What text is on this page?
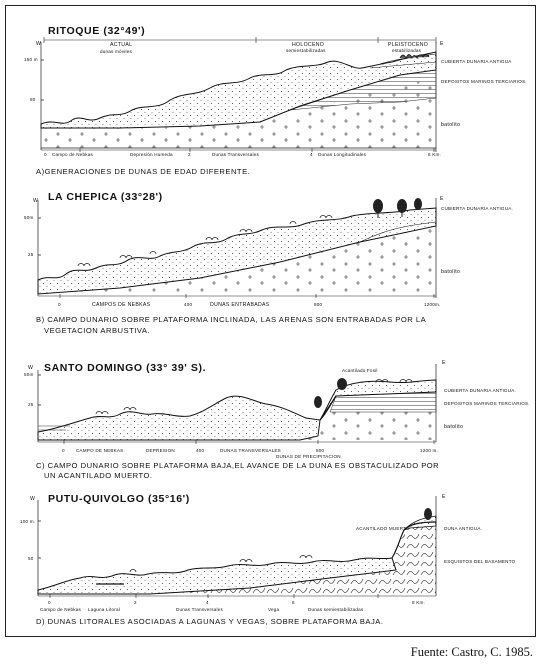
RITOQUE (32°49')
ACTUAL
dunas móviles
HOLOCENO
semiestabilizadas
PLEISTOCENO
estabilizadas
W	E
150 m
80
0	2	4	6 Km.
Campo de Nebkas	Depresión Humeda	Dunas Transversales	Dunas Longitudinales
CUBIERTA DUNARIA ANTIGUA
DEPOSITOS MARINOS TERCIARIOS.
batolito
A)GENERACIONES DE DUNAS DE EDAD DIFERENTE.
LA CHEPICA (33°28')
W	E
50m
25
0	400	800	1200m.
CAMPOS DE NEBKAS	DUNAS ENTRABADAS
CUBIERTA DUNARIA ANTIGUA.
batolito
B) CAMPO DUNARIO SOBRE PLATAFORMA INCLINADA, LAS ARENAS SON ENTRABADAS POR LA
VEGETACION ARBUSTIVA.
SANTO DOMINGO (33° 39' S).
W
E
50m
25
0	400	800	1200 m.
CAMPO DE NEBKAS	DEPRESION	DUNAS TRANSVERSALES
DUNAS DE PRECIPITACION
Acantilado Fosil
CUBIERTA DUNARIA ANTIGUA.
DEPOSITOS MARINOS TERCIARIOS.
batolito
C) CAMPO DUNARIO SOBRE PLATAFORMA BAJA,EL AVANCE DE LA DUNA ES OBSTACULIZADO POR
UN ACANTILADO MUERTO.
PUTU-QUIVOLGO (35°16')
W	E
100 m.
50
0	2	4	6	8 Km.
Campo de Nebkas Laguna Litoral	Dunas Transversales	Vega	Dunas semiestabilizadas
ACANTILADO MUERTO	DUNA ANTIGUA.
ESQUISTOS DEL BASAMENTO
D) DUNAS LITORALES ASOCIADAS A LAGUNAS Y VEGAS, SOBRE PLATAFORMA BAJA.
Fuente: Castro, C. 1985.
